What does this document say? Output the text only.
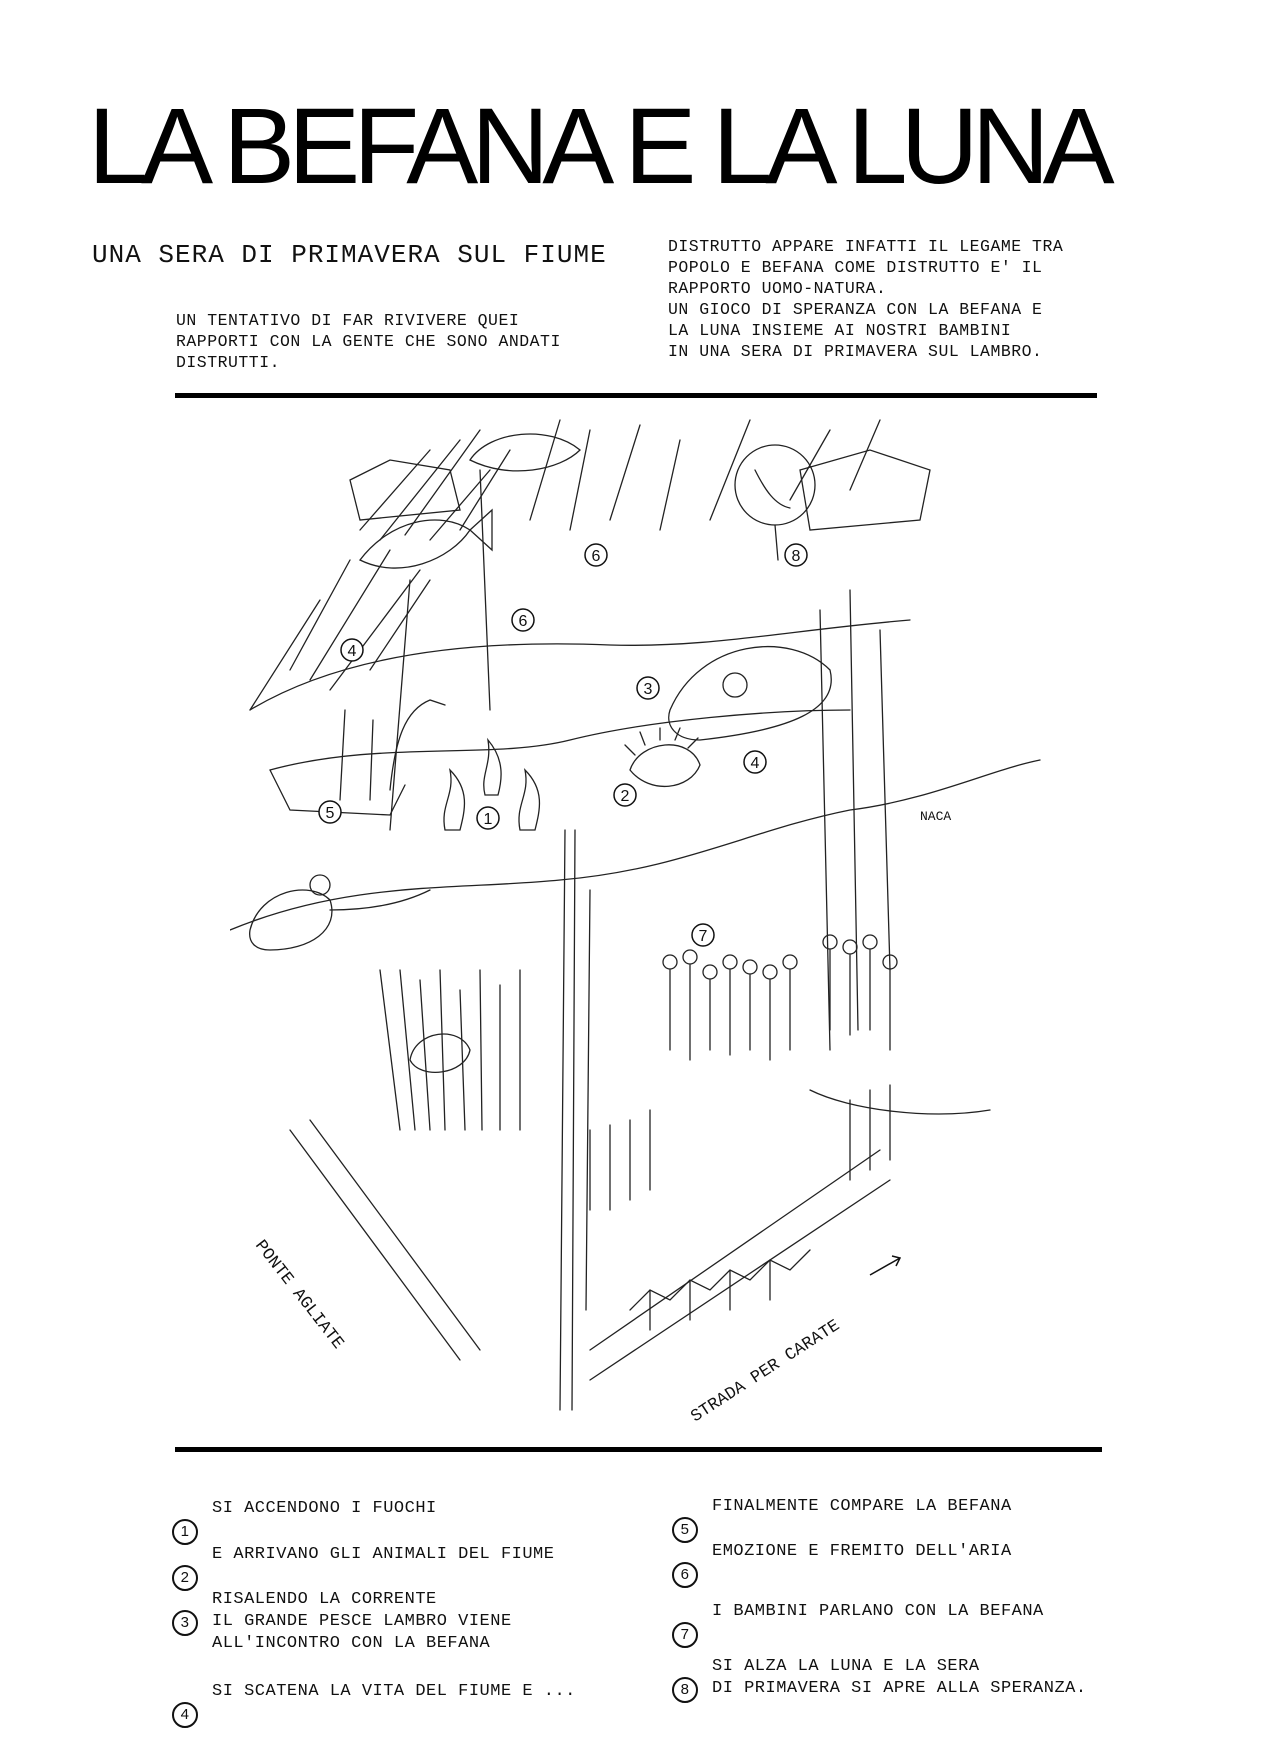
LA BEFANA E LA LUNA
UNA SERA DI PRIMAVERA SUL FIUME
UN TENTATIVO DI FAR RIVIVERE QUEI
RAPPORTI CON LA GENTE CHE SONO ANDATI
DISTRUTTI.
DISTRUTTO APPARE INFATTI IL LEGAME TRA
POPOLO E BEFANA COME DISTRUTTO E' IL
RAPPORTO UOMO-NATURA.
UN GIOCO DI SPERANZA CON LA BEFANA E
LA LUNA INSIEME AI NOSTRI BAMBINI
IN UNA SERA DI PRIMAVERA SUL LAMBRO.
1
2
3
4
4
5
6
6
7
8
PONTE AGLIATE
STRADA PER CARATE
NACA

1

SI ACCENDONO I FUOCHI

2

E ARRIVANO GLI ANIMALI DEL FIUME

3

RISALENDO LA CORRENTE
IL GRANDE PESCE LAMBRO VIENE
ALL'INCONTRO CON LA BEFANA

4

SI SCATENA LA VITA DEL FIUME E ...

5

FINALMENTE COMPARE LA BEFANA

6

EMOZIONE E FREMITO DELL'ARIA

7

I BAMBINI PARLANO CON LA BEFANA

8

SI ALZA LA LUNA E LA SERA
DI PRIMAVERA SI APRE ALLA SPERANZA.
